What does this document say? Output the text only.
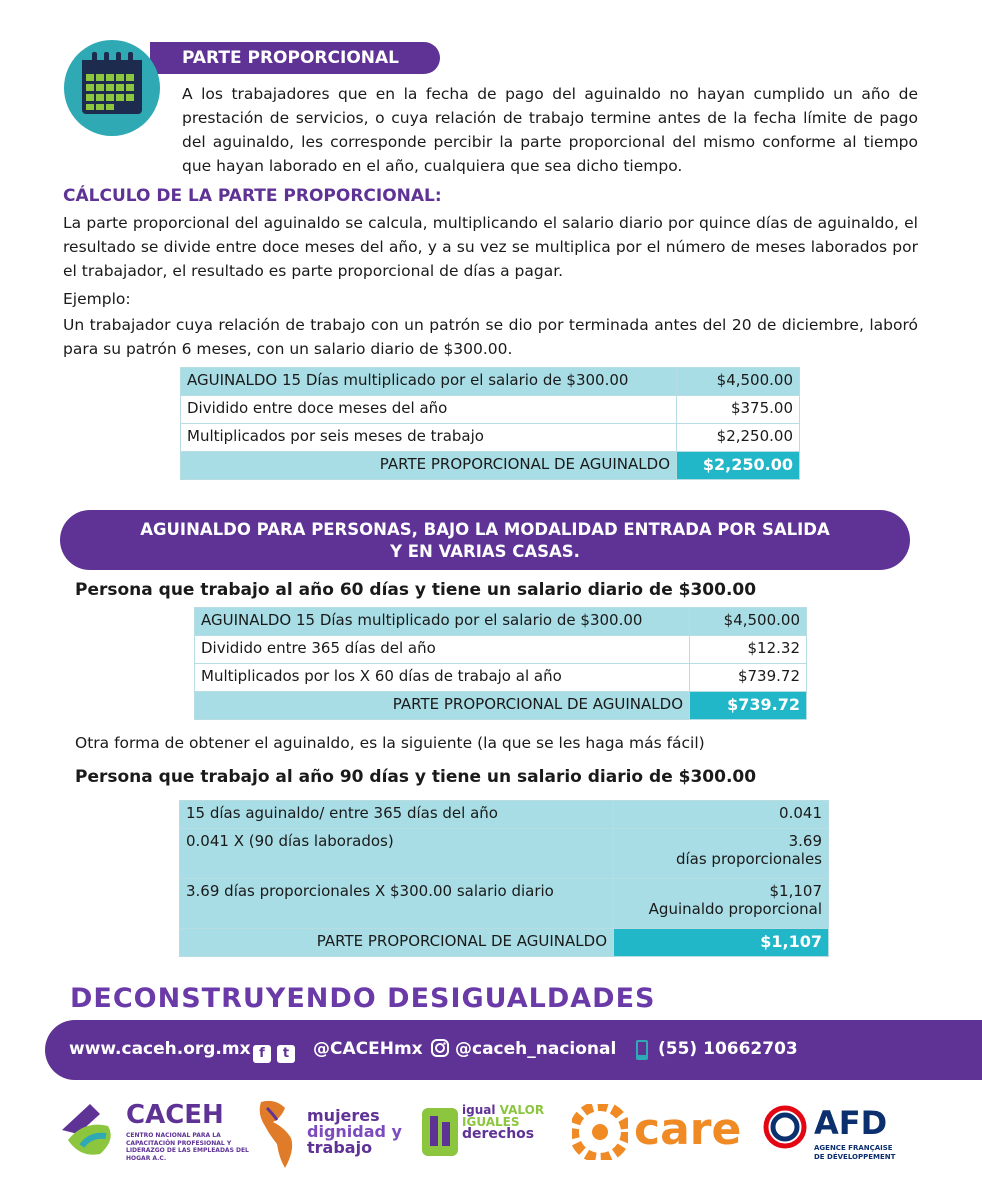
PARTE PROPORCIONAL

A los trabajadores que en la fecha de pago del aguinaldo no hayan cumplido un año de prestación de servicios, o cuya relación de trabajo termine antes de la fecha límite de pago del aguinaldo, les corresponde percibir la parte proporcional del mismo conforme al tiempo que hayan laborado en el año, cualquiera que sea dicho tiempo.

CÁLCULO DE LA PARTE PROPORCIONAL:

La parte proporcional del aguinaldo se calcula, multiplicando el salario diario por quince días de aguinaldo, el resultado se divide entre doce meses del año, y a su vez se multiplica por el número de meses laborados por el trabajador, el resultado es parte proporcional de días a pagar.

Ejemplo:

Un trabajador cuya relación de trabajo con un patrón se dio por terminada antes del 20 de diciembre, laboró para su patrón 6 meses, con un salario diario de $300.00.

AGUINALDO 15 Días multiplicado por el salario de $300.00	$4,500.00
Dividido entre doce meses del año	$375.00
Multiplicados por seis meses de trabajo	$2,250.00
PARTE PROPORCIONAL DE AGUINALDO	$2,250.00
AGUINALDO PARA PERSONAS, BAJO LA MODALIDAD ENTRADA POR SALIDA
Y EN VARIAS CASAS.
Persona que trabajo al año 60 días y tiene un salario diario de $300.00
AGUINALDO 15 Días multiplicado por el salario de $300.00	$4,500.00
Dividido entre 365 días del año	$12.32
Multiplicados por los X 60 días de trabajo al año	$739.72
PARTE PROPORCIONAL DE AGUINALDO	$739.72
Otra forma de obtener el aguinaldo, es la siguiente (la que se les haga más fácil)
Persona que trabajo al año 90 días y tiene un salario diario de $300.00
15 días aguinaldo/ entre 365 días del año	0.041
0.041 X (90 días laborados)	3.69
días proporcionales

3.69 días proporcionales X $300.00 salario diario	$1,107
Aguinaldo proporcional

PARTE PROPORCIONAL DE AGUINALDO	$1,107
DECONSTRUYENDO DESIGUALDADES
www.caceh.org.mx f t	@CACEHmx @caceh_nacional (55) 10662703
CACEH
CENTRO NACIONAL PARA LA CAPACITACIÓN PROFESIONAL Y LIDERAZGO DE LAS EMPLEADAS DEL HOGAR A.C.
mujeres
dignidad y
trabajo
igual VALOR
IGUALES
derechos care AFD
AGENCE FRANÇAISE
DE DÉVELOPPEMENT
